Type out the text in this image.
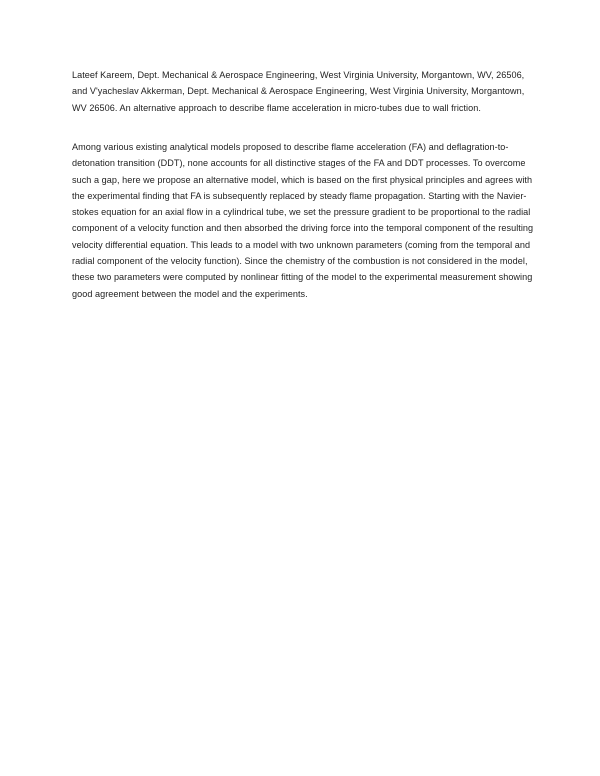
Lateef Kareem, Dept. Mechanical & Aerospace Engineering, West Virginia University, Morgantown, WV, 26506, and V'yacheslav Akkerman, Dept. Mechanical & Aerospace Engineering, West Virginia University, Morgantown, WV 26506. An alternative approach to describe flame acceleration in micro-tubes due to wall friction.

Among various existing analytical models proposed to describe flame acceleration (FA) and deflagration-to-detonation transition (DDT), none accounts for all distinctive stages of the FA and DDT processes. To overcome such a gap, here we propose an alternative model, which is based on the first physical principles and agrees with the experimental finding that FA is subsequently replaced by steady flame propagation. Starting with the Navier-stokes equation for an axial flow in a cylindrical tube, we set the pressure gradient to be proportional to the radial component of a velocity function and then absorbed the driving force into the temporal component of the resulting velocity differential equation. This leads to a model with two unknown parameters (coming from the temporal and radial component of the velocity function). Since the chemistry of the combustion is not considered in the model, these two parameters were computed by nonlinear fitting of the model to the experimental measurement showing good agreement between the model and the experiments.
